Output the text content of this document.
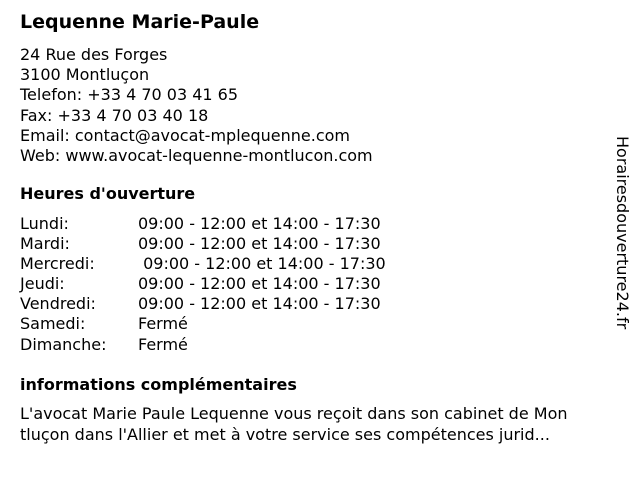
Lequenne Marie-Paule
24 Rue des Forges
3100 Montluçon
Telefon: +33 4 70 03 41 65
Fax: +33 4 70 03 40 18
Email: contact@avocat-mplequenne.com
Web: www.avocat-lequenne-montlucon.com
Heures d'ouverture
Lundi:	09:00 - 12:00 et 14:00 - 17:30
Mardi:	09:00 - 12:00 et 14:00 - 17:30
Mercredi:	09:00 - 12:00 et 14:00 - 17:30
Jeudi:	09:00 - 12:00 et 14:00 - 17:30
Vendredi:	09:00 - 12:00 et 14:00 - 17:30
Samedi:	Fermé
Dimanche: Fermé
informations complémentaires
L'avocat Marie Paule Lequenne vous reçoit dans son cabinet de Mon
tluçon dans l'Allier et met à votre service ses compétences jurid...
Horairesdouverture24.fr
